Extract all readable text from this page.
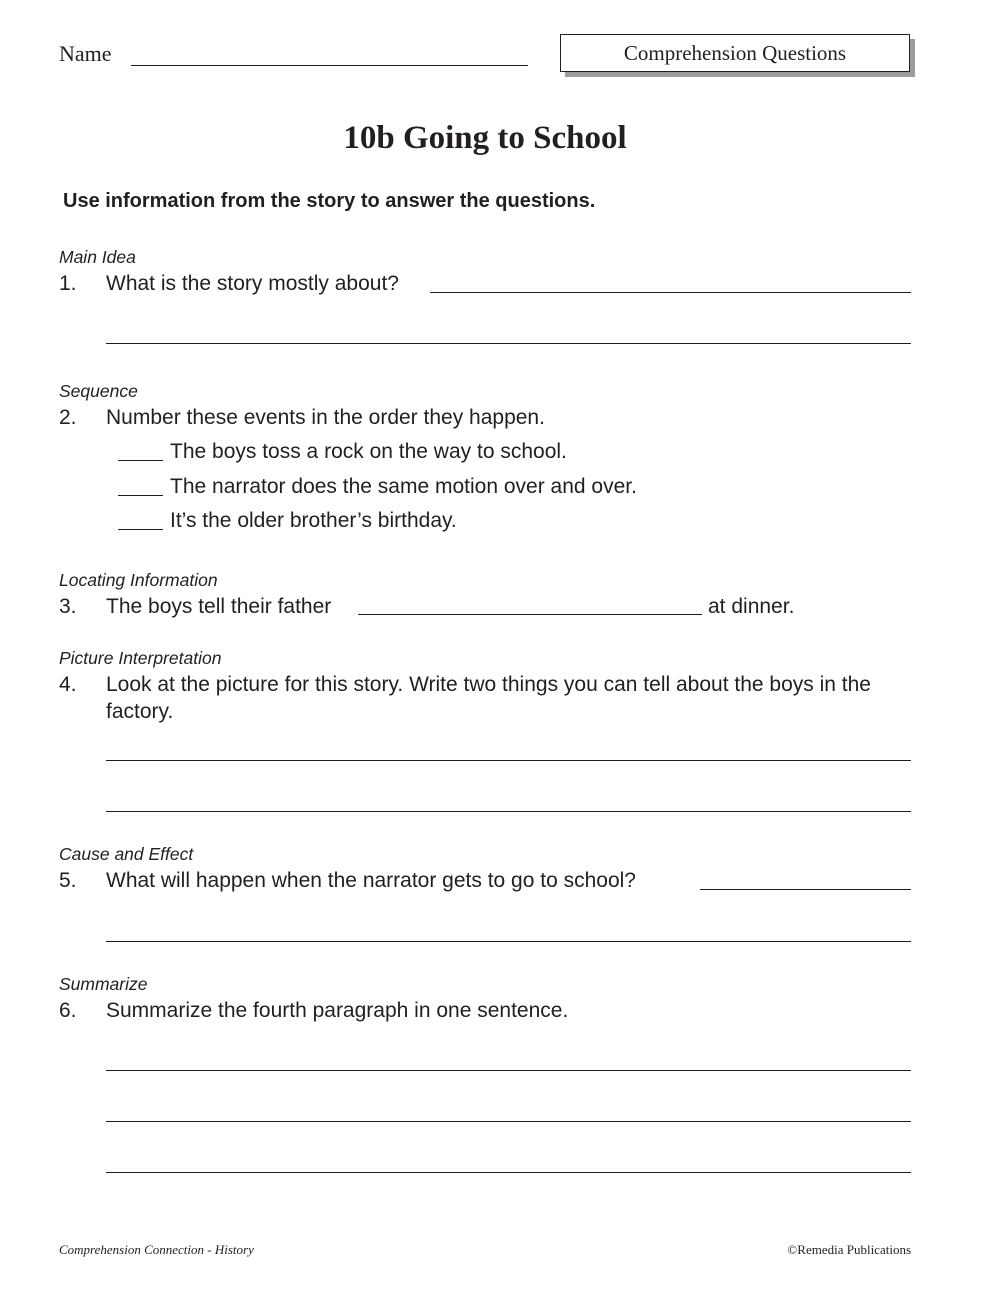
Name	Comprehension Questions
10b Going to School
Use information from the story to answer the questions.
Main Idea
1. What is the story mostly about?
Sequence
2. Number these events in the order they happen.
The boys toss a rock on the way to school.
The narrator does the same motion over and over.
It’s the older brother’s birthday.
Locating Information
3. The boys tell their father	at dinner.
Picture Interpretation
4. Look at the picture for this story. Write two things you can tell about the boys in the factory.
Cause and Effect
5. What will happen when the narrator gets to go to school?
Summarize
6. Summarize the fourth paragraph in one sentence.
Comprehension Connection - History	©Remedia Publications
